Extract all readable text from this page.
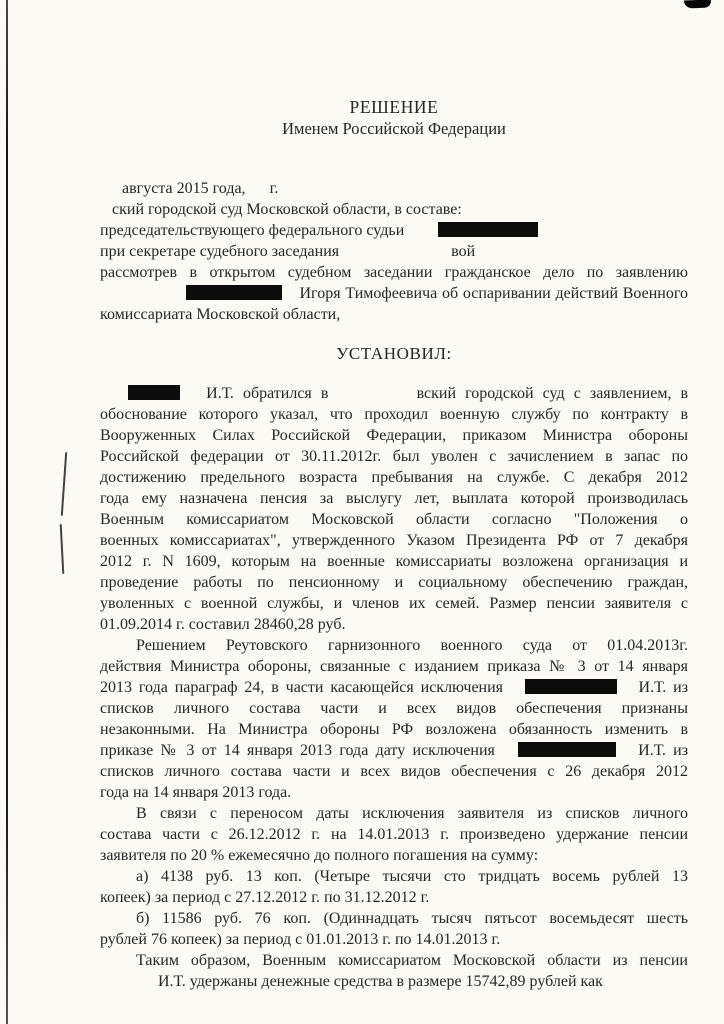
РЕШЕНИЕ
Именем Российской Федерации
августа 2015 года, г.
ский городской суд Московской области, в составе:
председательствующего федерального судьи
при секретаре судебного заседания	вой
рассмотрев в открытом судебном заседании гражданское дело по заявлению
Игоря Тимофеевича об оспаривании действий Военного
комиссариата Московской области,
УСТАНОВИЛ:
И.Т. обратился в	вский городской суд с заявлением, в
обоснование которого указал, что проходил военную службу по контракту в
Вооруженных Силах Российской Федерации, приказом Министра обороны
Российской федерации от 30.11.2012г. был уволен с зачислением в запас по
достижению предельного возраста пребывания на службе. С декабря 2012
года ему назначена пенсия за выслугу лет, выплата которой производилась
Военным комиссариатом Московской области согласно "Положения о
военных комиссариатах", утвержденного Указом Президента РФ от 7 декабря
2012 г. N 1609, которым на военные комиссариаты возложена организация и
проведение работы по пенсионному и социальному обеспечению граждан,
уволенных с военной службы, и членов их семей. Размер пенсии заявителя с
01.09.2014 г. составил 28460,28 руб.
Решением Реутовского гарнизонного военного суда от 01.04.2013г.
действия Министра обороны, связанные с изданием приказа № 3 от 14 января
2013 года параграф 24, в части касающейся исключения	И.Т. из
списков личного состава части и всех видов обеспечения признаны
незаконными. На Министра обороны РФ возложена обязанность изменить в
приказе № 3 от 14 января 2013 года дату исключения	И.Т. из
списков личного состава части и всех видов обеспечения с 26 декабря 2012
года на 14 января 2013 года.
В связи с переносом даты исключения заявителя из списков личного
состава части с 26.12.2012 г. на 14.01.2013 г. произведено удержание пенсии
заявителя по 20 % ежемесячно до полного погашения на сумму:
а) 4138 руб. 13 коп. (Четыре тысячи сто тридцать восемь рублей 13
копеек) за период с 27.12.2012 г. по 31.12.2012 г.
б) 11586 руб. 76 коп. (Одиннадцать тысяч пятьсот восемьдесят шесть
рублей 76 копеек) за период с 01.01.2013 г. по 14.01.2013 г.
Таким образом, Военным комиссариатом Московской области из пенсии
И.Т. удержаны денежные средства в размере 15742,89 рублей как
